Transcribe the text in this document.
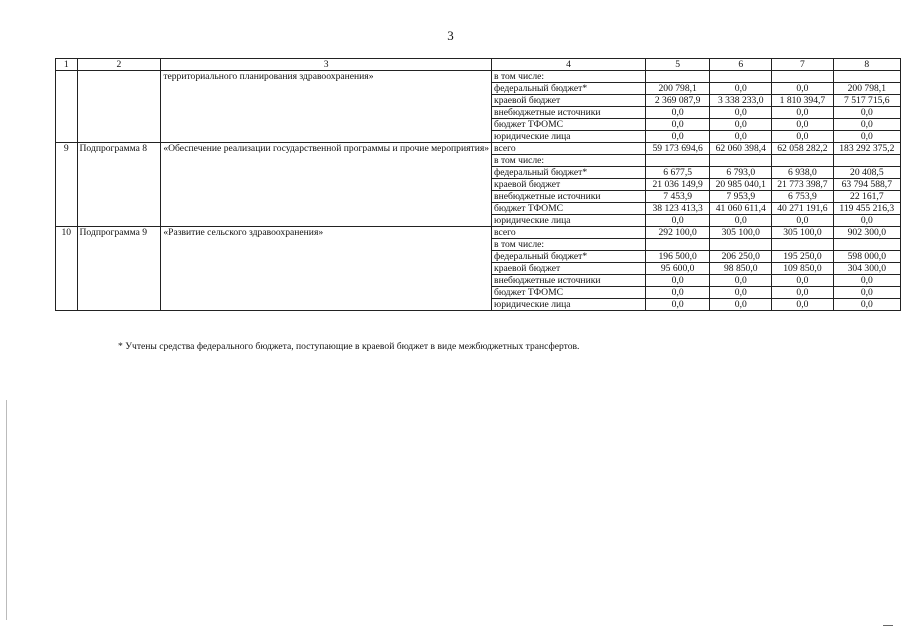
3
1	2	3	4	5	6	7	8
		территориального планирования здравоохранения»	в том числе:				
			федеральный бюджет*	200 798,1	0,0	0,0	200 798,1
			краевой бюджет	2 369 087,9	3 338 233,0	1 810 394,7	7 517 715,6
			внебюджетные источники	0,0	0,0	0,0	0,0
			бюджет ТФОМС	0,0	0,0	0,0	0,0
			юридические лица	0,0	0,0	0,0	0,0
9	Подпрограмма 8	«Обеспечение реализации государственной программы и прочие мероприятия»	всего	59 173 694,6	62 060 398,4	62 058 282,2	183 292 375,2
			в том числе:				
			федеральный бюджет*	6 677,5	6 793,0	6 938,0	20 408,5
			краевой бюджет	21 036 149,9	20 985 040,1	21 773 398,7	63 794 588,7
			внебюджетные источники	7 453,9	7 953,9	6 753,9	22 161,7
			бюджет ТФОМС	38 123 413,3	41 060 611,4	40 271 191,6	119 455 216,3
			юридические лица	0,0	0,0	0,0	0,0
10	Подпрограмма 9	«Развитие сельского здравоохранения»	всего	292 100,0	305 100,0	305 100,0	902 300,0
			в том числе:				
			федеральный бюджет*	196 500,0	206 250,0	195 250,0	598 000,0
			краевой бюджет	95 600,0	98 850,0	109 850,0	304 300,0
			внебюджетные источники	0,0	0,0	0,0	0,0
			бюджет ТФОМС	0,0	0,0	0,0	0,0
			юридические лица	0,0	0,0	0,0	0,0
* Учтены средства федерального бюджета, поступающие в краевой бюджет в виде межбюджетных трансфертов.
